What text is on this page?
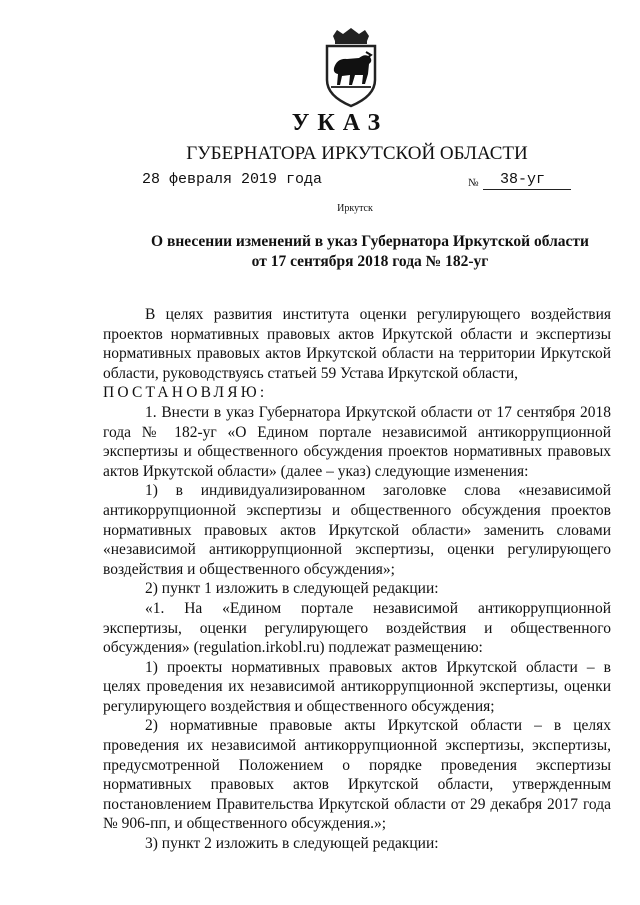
УКАЗ
ГУБЕРНАТОРА ИРКУТСКОЙ ОБЛАСТИ
28 февраля 2019 года	№ 38-уг
Иркутск
О внесении изменений в указ Губернатора Иркутской области
от 17 сентября 2018 года № 182-уг

В целях развития института оценки регулирующего воздействия проектов нормативных правовых актов Иркутской области и экспертизы нормативных правовых актов Иркутской области на территории Иркутской области, руководствуясь статьей 59 Устава Иркутской области,

ПОСТАНОВЛЯЮ:

1. Внести в указ Губернатора Иркутской области от 17 сентября 2018 года № 182-уг «О Едином портале независимой антикоррупционной экспертизы и общественного обсуждения проектов нормативных правовых актов Иркутской области» (далее – указ) следующие изменения:

1) в индивидуализированном заголовке слова «независимой антикоррупционной экспертизы и общественного обсуждения проектов нормативных правовых актов Иркутской области» заменить словами «независимой антикоррупционной экспертизы, оценки регулирующего воздействия и общественного обсуждения»;

2) пункт 1 изложить в следующей редакции:

«1. На «Едином портале независимой антикоррупционной экспертизы, оценки регулирующего воздействия и общественного обсуждения» (regulation.irkobl.ru) подлежат размещению:

1) проекты нормативных правовых актов Иркутской области – в целях проведения их независимой антикоррупционной экспертизы, оценки регулирующего воздействия и общественного обсуждения;

2) нормативные правовые акты Иркутской области – в целях проведения их независимой антикоррупционной экспертизы, экспертизы, предусмотренной Положением о порядке проведения экспертизы нормативных правовых актов Иркутской области, утвержденным постановлением Правительства Иркутской области от 29 декабря 2017 года № 906-пп, и общественного обсуждения.»;

3) пункт 2 изложить в следующей редакции:
